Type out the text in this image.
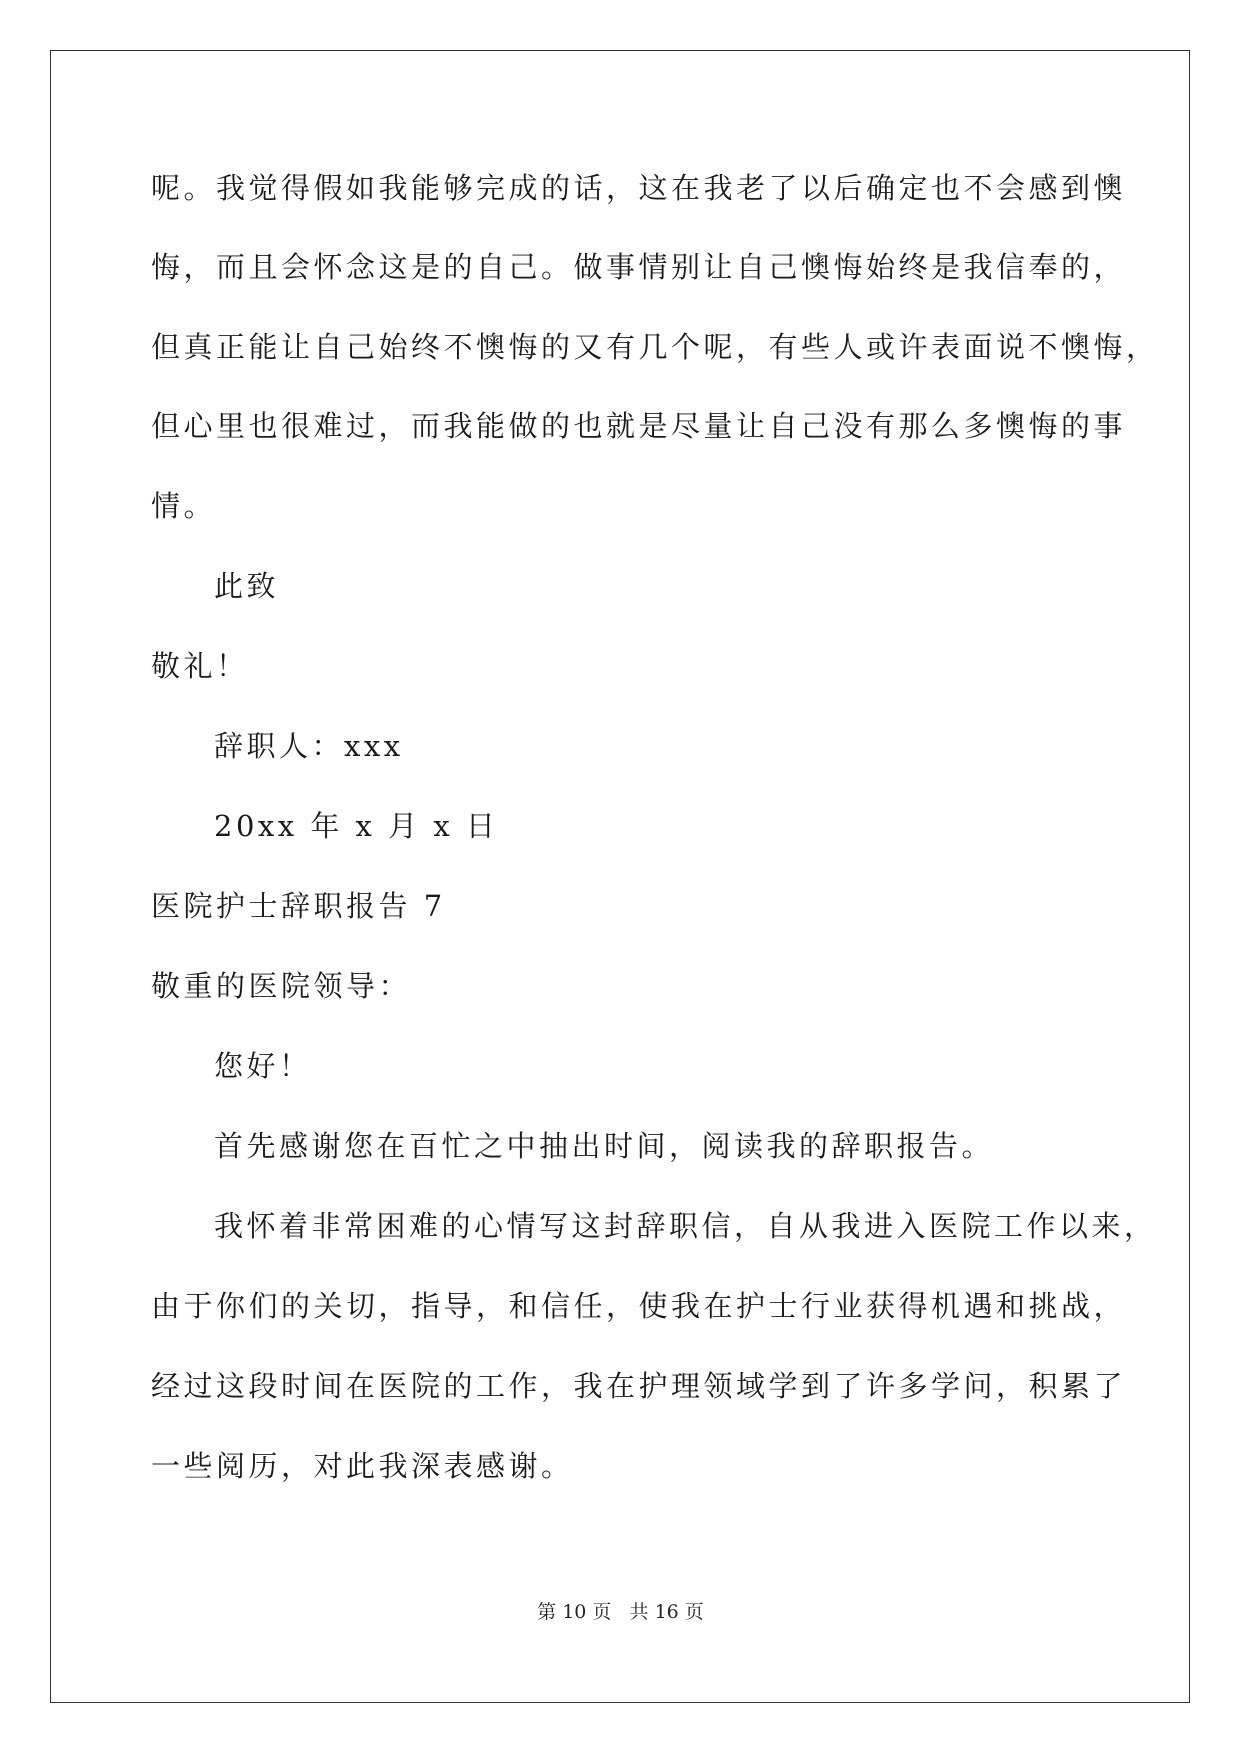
呢。我觉得假如我能够完成的话，这在我老了以后确定也不会感到懊
悔，而且会怀念这是的自己。做事情别让自己懊悔始终是我信奉的，
但真正能让自己始终不懊悔的又有几个呢，有些人或许表面说不懊悔，
但心里也很难过，而我能做的也就是尽量让自己没有那么多懊悔的事
情。
此致
敬礼！
辞职人：xxx
20xx 年 x 月 x 日
医院护士辞职报告 7
敬重的医院领导：
您好！
首先感谢您在百忙之中抽出时间，阅读我的辞职报告。
我怀着非常困难的心情写这封辞职信，自从我进入医院工作以来，
由于你们的关切，指导，和信任，使我在护士行业获得机遇和挑战，
经过这段时间在医院的工作，我在护理领域学到了许多学问，积累了
一些阅历，对此我深表感谢。
第 10 页   共 16 页
